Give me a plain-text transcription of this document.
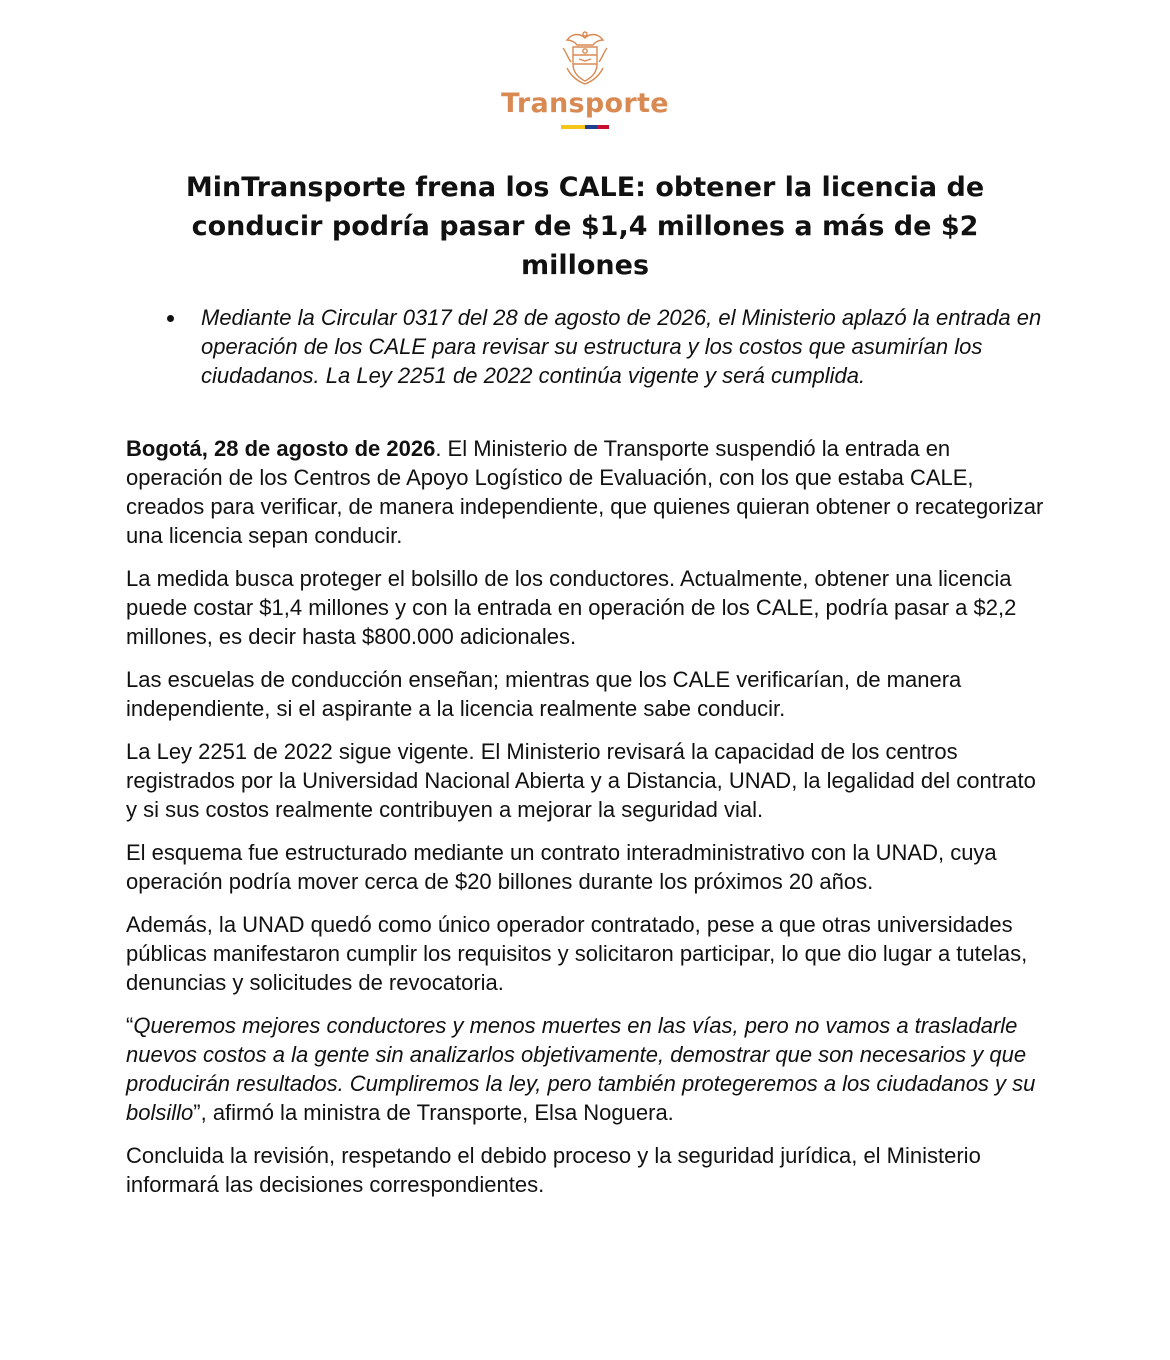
Transporte
MinTransporte frena los CALE: obtener la licencia de conducir podría pasar de $1,4 millones a más de $2 millones
Mediante la Circular 0317 del 28 de agosto de 2026, el Ministerio aplazó la entrada en operación de los CALE para revisar su estructura y los costos que asumirían los ciudadanos. La Ley 2251 de 2022 continúa vigente y será cumplida.

Bogotá, 28 de agosto de 2026. El Ministerio de Transporte suspendió la entrada en operación de los Centros de Apoyo Logístico de Evaluación, con los que estaba CALE, creados para verificar, de manera independiente, que quienes quieran obtener o recategorizar una licencia sepan conducir.

La medida busca proteger el bolsillo de los conductores. Actualmente, obtener una licencia puede costar $1,4 millones y con la entrada en operación de los CALE, podría pasar a $2,2 millones, es decir hasta $800.000 adicionales.

Las escuelas de conducción enseñan; mientras que los CALE verificarían, de manera independiente, si el aspirante a la licencia realmente sabe conducir.

La Ley 2251 de 2022 sigue vigente. El Ministerio revisará la capacidad de los centros registrados por la Universidad Nacional Abierta y a Distancia, UNAD, la legalidad del contrato y si sus costos realmente contribuyen a mejorar la seguridad vial.

El esquema fue estructurado mediante un contrato interadministrativo con la UNAD, cuya operación podría mover cerca de $20 billones durante los próximos 20 años.

Además, la UNAD quedó como único operador contratado, pese a que otras universidades públicas manifestaron cumplir los requisitos y solicitaron participar, lo que dio lugar a tutelas, denuncias y solicitudes de revocatoria.

“Queremos mejores conductores y menos muertes en las vías, pero no vamos a trasladarle nuevos costos a la gente sin analizarlos objetivamente, demostrar que son necesarios y que producirán resultados. Cumpliremos la ley, pero también protegeremos a los ciudadanos y su bolsillo”, afirmó la ministra de Transporte, Elsa Noguera.

Concluida la revisión, respetando el debido proceso y la seguridad jurídica, el Ministerio informará las decisiones correspondientes.
